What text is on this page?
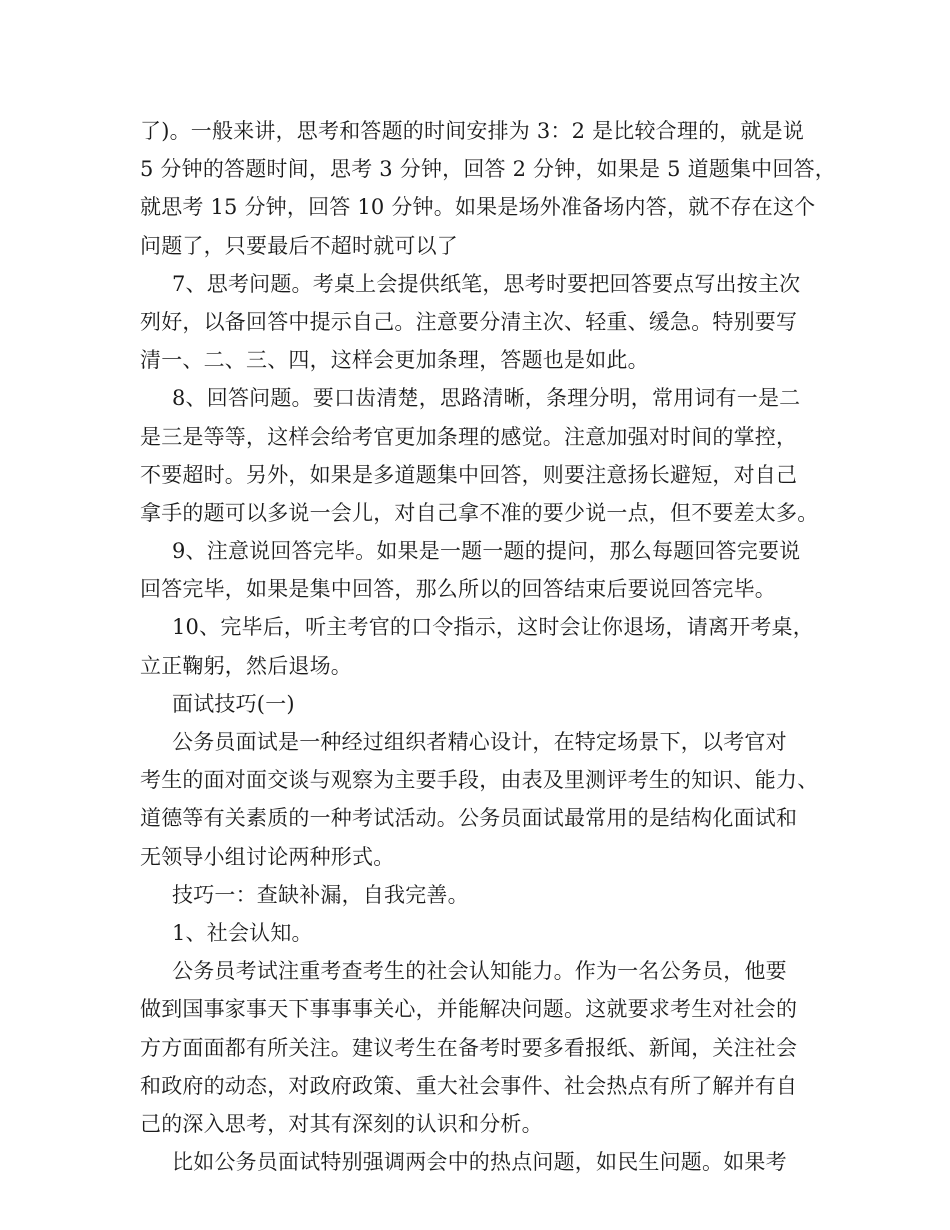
了)。一般来讲，思考和答题的时间安排为 3：2 是比较合理的，就是说
5 分钟的答题时间，思考 3 分钟，回答 2 分钟，如果是 5 道题集中回答，
就思考 15 分钟，回答 10 分钟。如果是场外准备场内答，就不存在这个
问题了，只要最后不超时就可以了

7、思考问题。考桌上会提供纸笔，思考时要把回答要点写出按主次
列好，以备回答中提示自己。注意要分清主次、轻重、缓急。特别要写
清一、二、三、四，这样会更加条理，答题也是如此。

8、回答问题。要口齿清楚，思路清晰，条理分明，常用词有一是二
是三是等等，这样会给考官更加条理的感觉。注意加强对时间的掌控，
不要超时。另外，如果是多道题集中回答，则要注意扬长避短，对自己
拿手的题可以多说一会儿，对自己拿不准的要少说一点，但不要差太多。

9、注意说回答完毕。如果是一题一题的提问，那么每题回答完要说
回答完毕，如果是集中回答，那么所以的回答结束后要说回答完毕。

10、完毕后，听主考官的口令指示，这时会让你退场，请离开考桌，
立正鞠躬，然后退场。

面试技巧(一)

公务员面试是一种经过组织者精心设计，在特定场景下，以考官对
考生的面对面交谈与观察为主要手段，由表及里测评考生的知识、能力、
道德等有关素质的一种考试活动。公务员面试最常用的是结构化面试和
无领导小组讨论两种形式。

技巧一：查缺补漏，自我完善。

1、社会认知。

公务员考试注重考查考生的社会认知能力。作为一名公务员，他要
做到国事家事天下事事事关心，并能解决问题。这就要求考生对社会的
方方面面都有所关注。建议考生在备考时要多看报纸、新闻，关注社会
和政府的动态，对政府政策、重大社会事件、社会热点有所了解并有自
己的深入思考，对其有深刻的认识和分析。

比如公务员面试特别强调两会中的热点问题，如民生问题。如果考
